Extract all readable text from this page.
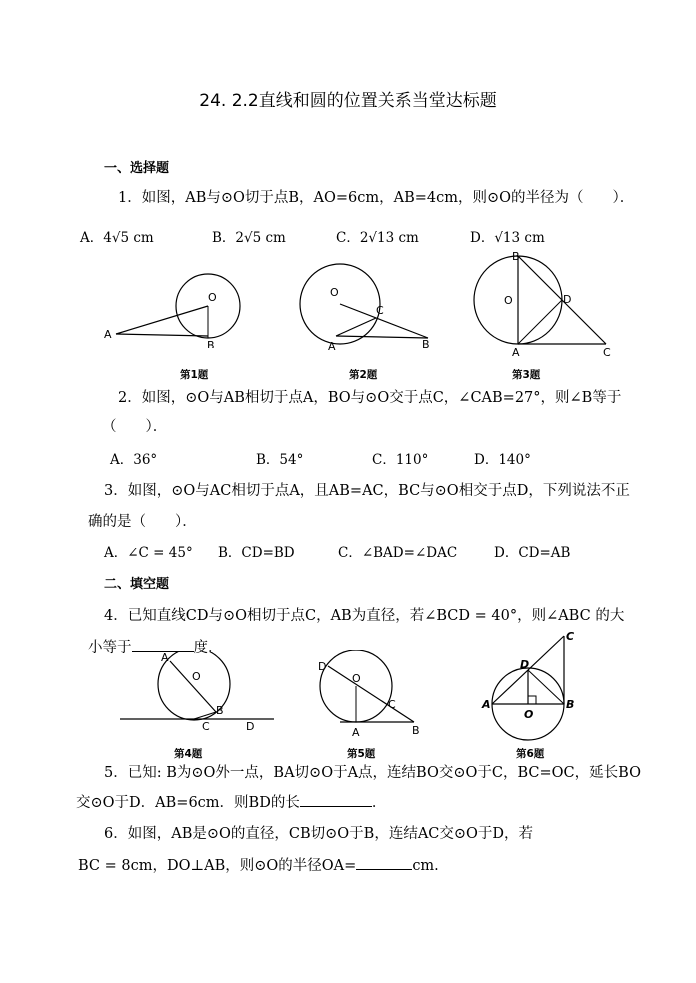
24. 2.2直线和圆的位置关系当堂达标题
一、选择题
1．如图，AB与⊙O切于点B，AO=6cm，AB=4cm，则⊙O的半径为（　　）．
A．4√5 cm	B．2√5 cm	C．2√13 cm	D．√13 cm
A
B
O
第1题
O
A	B
C
第2题
B
O	D
A	C
第3题
2．如图，⊙O与AB相切于点A，BO与⊙O交于点C，∠CAB=27°，则∠B等于
（　　）．
A．36°	B．54°	C．110°	D．140°
3．如图，⊙O与AC相切于点A，且AB=AC，BC与⊙O相交于点D，下列说法不正
确的是（　　）．
A．∠C = 45° B．CD=BD	C．∠BAD=∠DAC	D．CD=AB
二、填空题
4．已知直线CD与⊙O相切于点C，AB为直径，若∠BCD = 40°，则∠ABC 的大
小等于	度．
A
O
B
C	D
第4题
D
O
C
A	B
第5题
C
D
A	B
O
第6题
5．已知: B为⊙O外一点，BA切⊙O于A点，连结BO交⊙O于C，BC=OC，延长BO
交⊙O于D．AB=6cm．则BD的长	．
6．如图，AB是⊙O的直径，CB切⊙O于B，连结AC交⊙O于D，若
BC = 8cm，DO⊥AB，则⊙O的半径OA=	cm.
